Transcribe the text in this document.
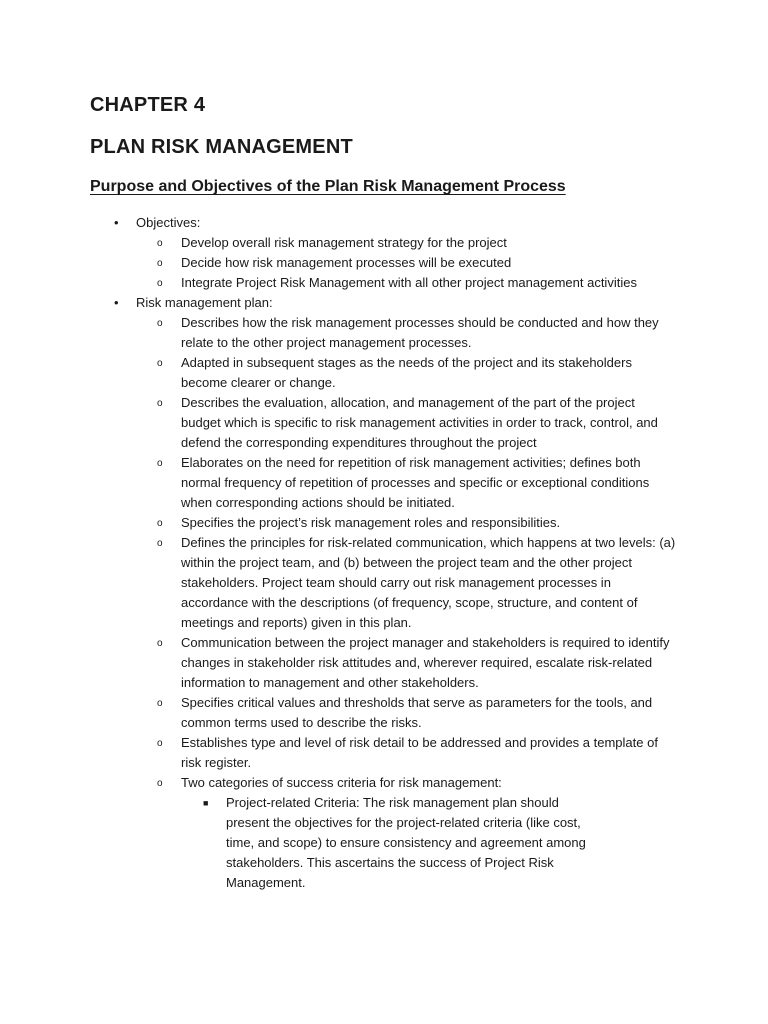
CHAPTER 4
PLAN RISK MANAGEMENT
Purpose and Objectives of the Plan Risk Management Process
• Objectives:
o Develop overall risk management strategy for the project
o Decide how risk management processes will be executed
o Integrate Project Risk Management with all other project management activities
• Risk management plan:
o Describes how the risk management processes should be conducted and how they relate to the other project management processes.
o Adapted in subsequent stages as the needs of the project and its stakeholders become clearer or change.
o Describes the evaluation, allocation, and management of the part of the project budget which is specific to risk management activities in order to track, control, and defend the corresponding expenditures throughout the project
o Elaborates on the need for repetition of risk management activities; defines both normal frequency of repetition of processes and specific or exceptional conditions when corresponding actions should be initiated.
o Specifies the project’s risk management roles and responsibilities.
o Defines the principles for risk-related communication, which happens at two levels: (a) within the project team, and (b) between the project team and the other project stakeholders. Project team should carry out risk management processes in accordance with the descriptions (of frequency, scope, structure, and content of meetings and reports) given in this plan.
o Communication between the project manager and stakeholders is required to identify changes in stakeholder risk attitudes and, wherever required, escalate risk-related information to management and other stakeholders.
o Specifies critical values and thresholds that serve as parameters for the tools, and common terms used to describe the risks.
o Establishes type and level of risk detail to be addressed and provides a template of risk register.
o Two categories of success criteria for risk management:
■ Project-related Criteria: The risk management plan should present the objectives for the project-related criteria (like cost, time, and scope) to ensure consistency and agreement among stakeholders. This ascertains the success of Project Risk Management.
